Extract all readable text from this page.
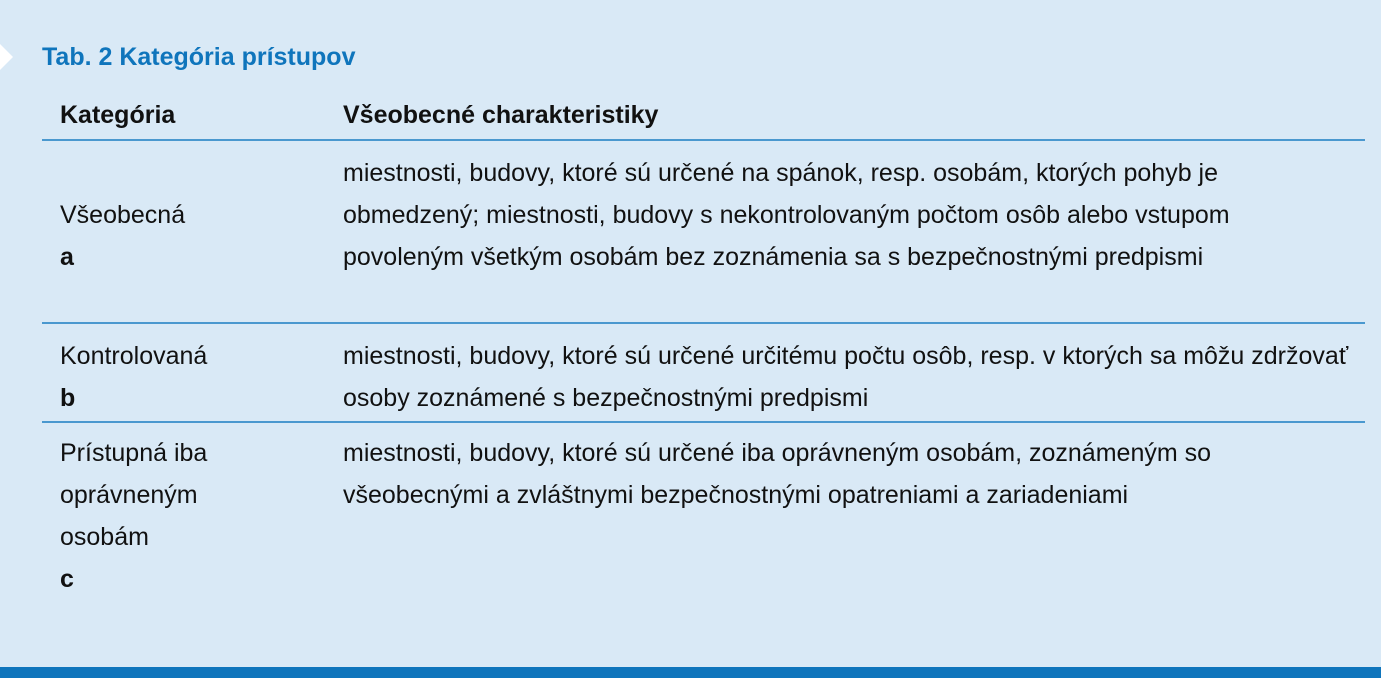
Tab. 2 Kategória prístupov
Kategória	Všeobecné charakteristiky
Všeobecná
a
miestnosti, budovy, ktoré sú určené na spánok, resp. osobám, ktorých pohyb je obmedzený; miestnosti, budovy s nekontrolovaným počtom osôb alebo vstupom povoleným všetkým osobám bez zoznámenia sa s bezpečnostnými predpismi
Kontrolovaná
b
miestnosti, budovy, ktoré sú určené určitému počtu osôb, resp. v ktorých sa môžu zdržovať osoby zoznámené s bezpečnostnými predpismi
Prístupná iba oprávneným osobám
c
miestnosti, budovy, ktoré sú určené iba oprávneným osobám, zoznámeným so všeobecnými a zvláštnymi bezpečnostnými opatreniami a zariadeniami
